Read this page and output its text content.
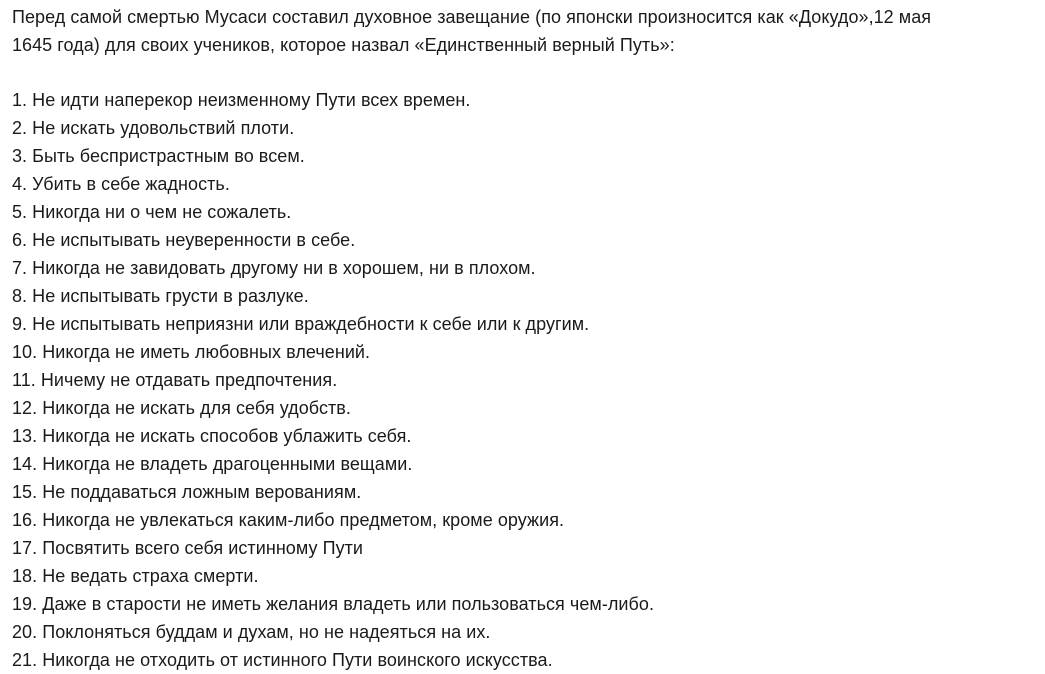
Перед самой смертью Мусаси составил духовное завещание (по японски произносится как «Докудо»,12 мая
1645 года) для своих учеников, которое назвал «Единственный верный Путь»:
1. Не идти наперекор неизменному Пути всех времен.
2. Не искать удовольствий плоти.
3. Быть беспристрастным во всем.
4. Убить в себе жадность.
5. Никогда ни о чем не сожалеть.
6. Не испытывать неуверенности в себе.
7. Никогда не завидовать другому ни в хорошем, ни в плохом.
8. Не испытывать грусти в разлуке.
9. Не испытывать неприязни или враждебности к себе или к другим.
10. Никогда не иметь любовных влечений.
11. Ничему не отдавать предпочтения.
12. Никогда не искать для себя удобств.
13. Никогда не искать способов ублажить себя.
14. Никогда не владеть драгоценными вещами.
15. Не поддаваться ложным верованиям.
16. Никогда не увлекаться каким-либо предметом, кроме оружия.
17. Посвятить всего себя истинному Пути
18. Не ведать страха смерти.
19. Даже в старости не иметь желания владеть или пользоваться чем-либо.
20. Поклоняться буддам и духам, но не надеяться на их.
21. Никогда не отходить от истинного Пути воинского искусства.
